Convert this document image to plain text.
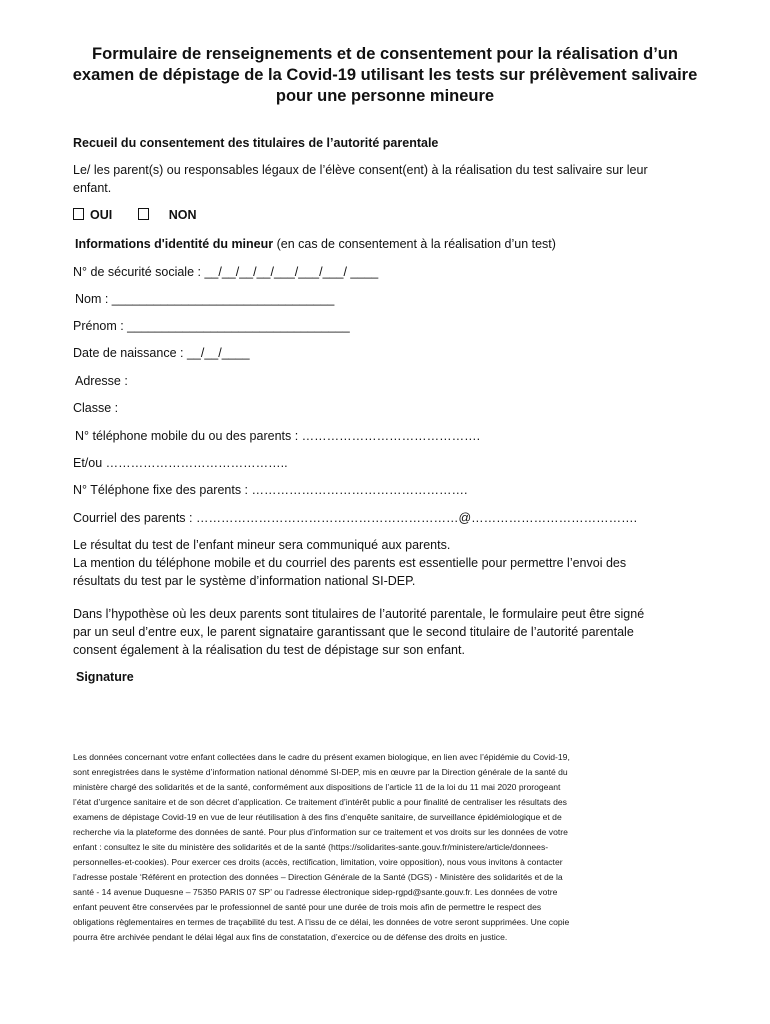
Formulaire de renseignements et de consentement pour la réalisation d’un
examen de dépistage de la Covid-19 utilisant les tests sur prélèvement salivaire
pour une personne mineure
Recueil du consentement des titulaires de l’autorité parentale
Le/ les parent(s) ou responsables légaux de l’élève consent(ent) à la réalisation du test salivaire sur leur
enfant.
OUI	NON
Informations d'identité du mineur (en cas de consentement à la réalisation d’un test)
N° de sécurité sociale : __/__/__/__/___/___/___/ ____
Nom : ________________________________
Prénom : ________________________________
Date de naissance : __/__/____
Adresse :
Classe :
N° téléphone mobile du ou des parents : …………………………………….
Et/ou ……………………………………..
N° Téléphone fixe des parents : …………………………………………….
Courriel des parents : ………………………………………………………@………………………………….
Le résultat du test de l’enfant mineur sera communiqué aux parents.
La mention du téléphone mobile et du courriel des parents est essentielle pour permettre l’envoi des
résultats du test par le système d’information national SI-DEP.
Dans l’hypothèse où les deux parents sont titulaires de l’autorité parentale, le formulaire peut être signé
par un seul d’entre eux, le parent signataire garantissant que le second titulaire de l’autorité parentale
consent également à la réalisation du test de dépistage sur son enfant.
Signature
Les données concernant votre enfant collectées dans le cadre du présent examen biologique, en lien avec l’épidémie du Covid-19,
sont enregistrées dans le système d’information national dénommé SI-DEP, mis en œuvre par la Direction générale de la santé du
ministère chargé des solidarités et de la santé, conformément aux dispositions de l’article 11 de la loi du 11 mai 2020 prorogeant
l’état d’urgence sanitaire et de son décret d’application. Ce traitement d’intérêt public a pour finalité de centraliser les résultats des
examens de dépistage Covid-19 en vue de leur réutilisation à des fins d’enquête sanitaire, de surveillance épidémiologique et de
recherche via la plateforme des données de santé. Pour plus d’information sur ce traitement et vos droits sur les données de votre
enfant : consultez le site du ministère des solidarités et de la santé (https://solidarites-sante.gouv.fr/ministere/article/donnees-
personnelles-et-cookies). Pour exercer ces droits (accès, rectification, limitation, voire opposition), nous vous invitons à contacter
l’adresse postale ‘Référent en protection des données – Direction Générale de la Santé (DGS) - Ministère des solidarités et de la
santé - 14 avenue Duquesne – 75350 PARIS 07 SP’ ou l’adresse électronique sidep-rgpd@sante.gouv.fr. Les données de votre
enfant peuvent être conservées par le professionnel de santé pour une durée de trois mois afin de permettre le respect des
obligations règlementaires en termes de traçabilité du test. A l’issu de ce délai, les données de votre seront supprimées. Une copie
pourra être archivée pendant le délai légal aux fins de constatation, d’exercice ou de défense des droits en justice.
